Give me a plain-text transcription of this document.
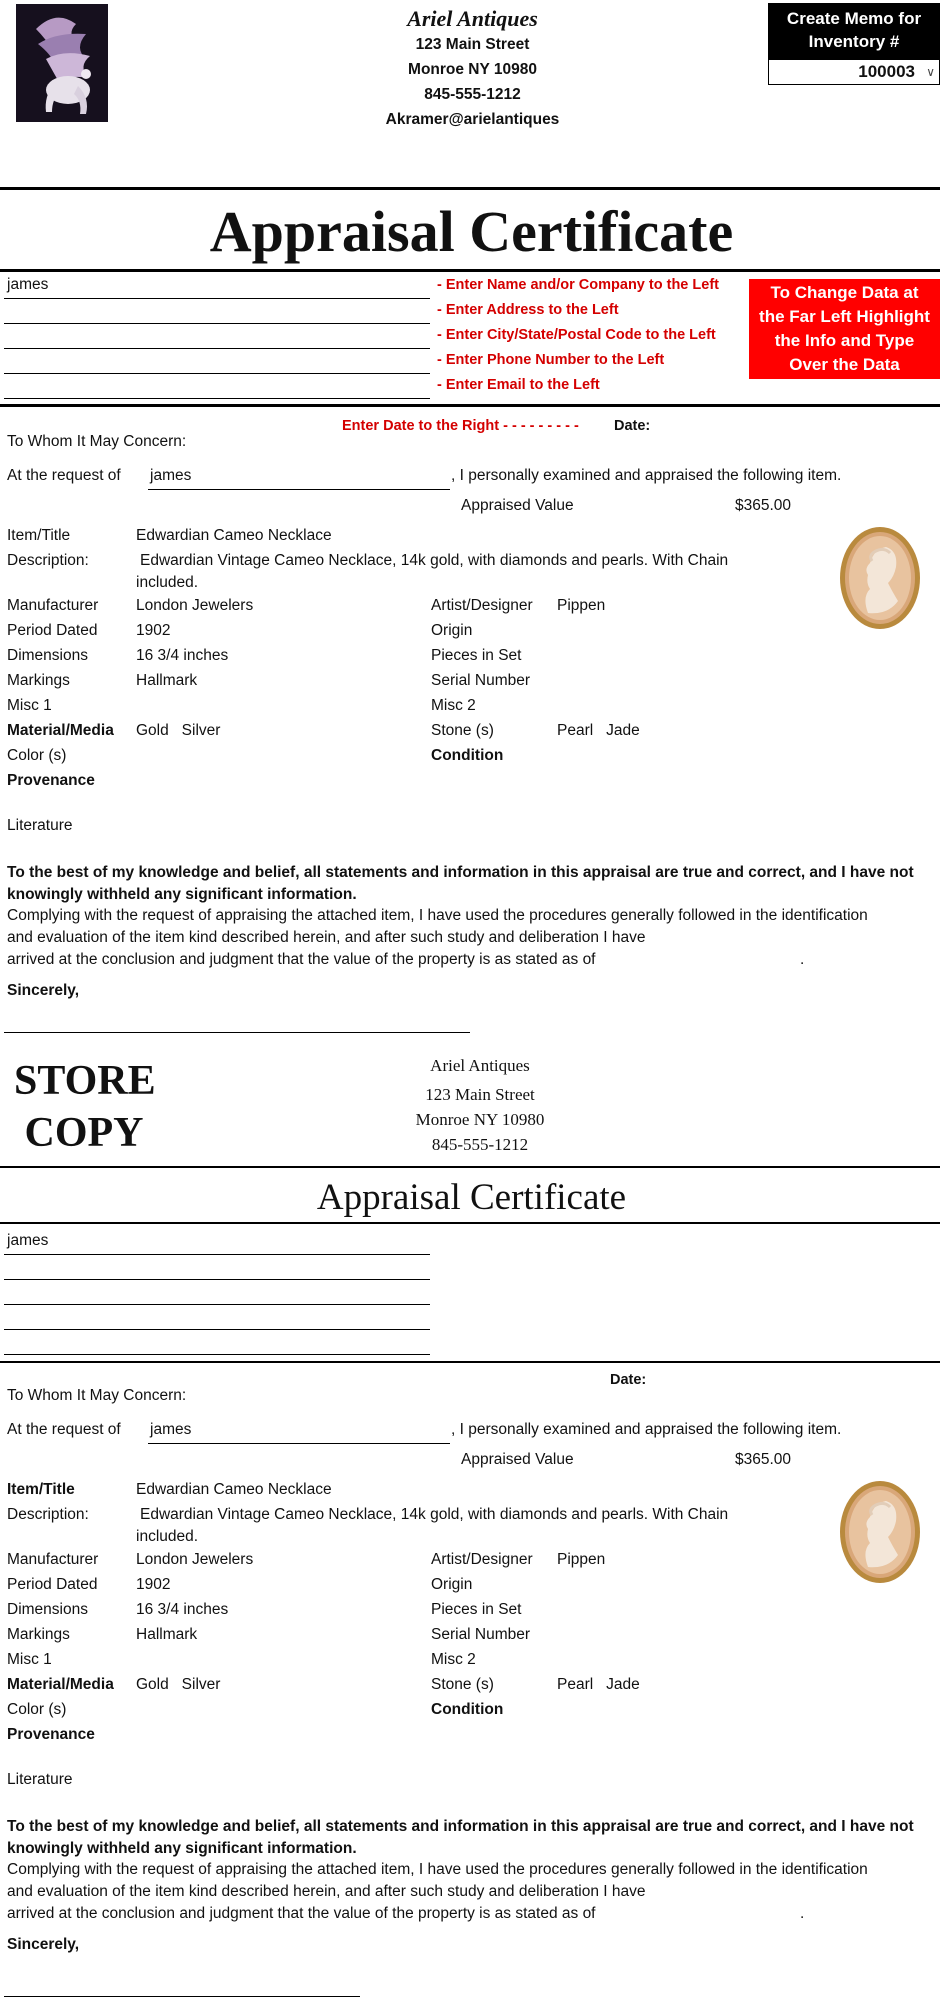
Ariel Antiques
123 Main Street
Monroe NY 10980
845-555-1212
Akramer@arielantiques
Create Memo for
Inventory #
100003 ∨
Appraisal Certificate
james	- Enter Name and/or Company to the Left
- Enter Address to the Left
- Enter City/State/Postal Code to the Left
- Enter Phone Number to the Left
- Enter Email to the Left
To Change Data at
the Far Left Highlight
the Info and Type
Over the Data
Enter Date to the Right - - - - - - - - - Date:
To Whom It May Concern:
At the request of james	, I personally examined and appraised the following item.
Appraised Value	$365.00
Item/Title	Edwardian Cameo Necklace
Description:	Edwardian Vintage Cameo Necklace, 14k gold, with diamonds and pearls. With Chain
included.
Manufacturer London Jewelers	Artist/Designer Pippen
Period Dated 1902	Origin
Dimensions	16 3/4 inches	Pieces in Set
Markings	Hallmark	Serial Number
Misc 1	Misc 2
Material/Media Gold   Silver	Stone (s)	Pearl   Jade
Color (s)	Condition
Provenance
Literature
To the best of my knowledge and belief, all statements and information in this appraisal are true and correct, and I have not knowingly withheld any significant information.
Complying with the request of appraising the attached item, I have used the procedures generally followed in the identification
and evaluation of the item kind described herein, and after such study and deliberation I have
arrived at the conclusion and judgment that the value of the property is as stated as of	.
Sincerely,
STORE
COPY
Ariel Antiques
123 Main Street
Monroe NY 10980
845-555-1212
Appraisal Certificate
james
Date:
To Whom It May Concern:
At the request of james	, I personally examined and appraised the following item.
Appraised Value	$365.00
Item/Title	Edwardian Cameo Necklace
Description:	Edwardian Vintage Cameo Necklace, 14k gold, with diamonds and pearls. With Chain
included.
Manufacturer London Jewelers	Artist/Designer Pippen
Period Dated 1902	Origin
Dimensions	16 3/4 inches	Pieces in Set
Markings	Hallmark	Serial Number
Misc 1	Misc 2
Material/Media Gold   Silver	Stone (s)	Pearl   Jade
Color (s)	Condition
Provenance
Literature
To the best of my knowledge and belief, all statements and information in this appraisal are true and correct, and I have not knowingly withheld any significant information.
Complying with the request of appraising the attached item, I have used the procedures generally followed in the identification
and evaluation of the item kind described herein, and after such study and deliberation I have
arrived at the conclusion and judgment that the value of the property is as stated as of	.
Sincerely,
